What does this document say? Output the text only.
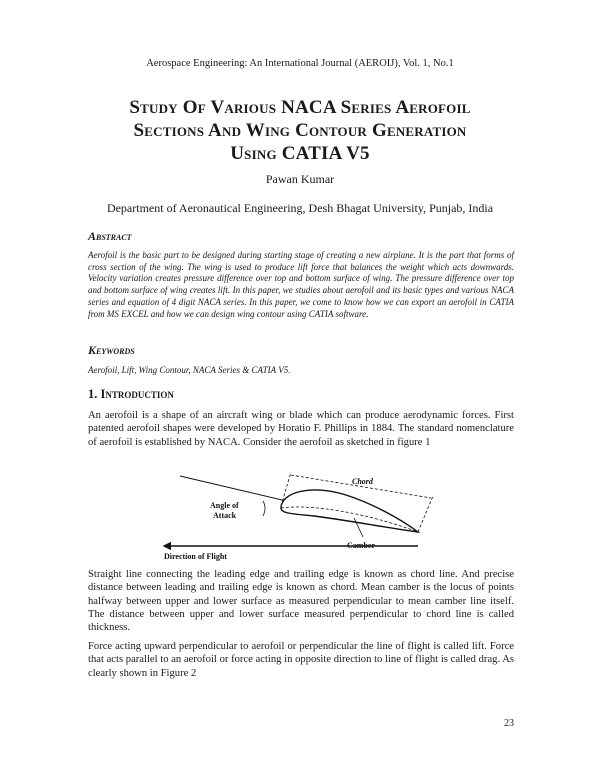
Aerospace Engineering: An International Journal (AEROIJ), Vol. 1, No.1
Study Of Various NACA Series Aerofoil
Sections And Wing Contour Generation
Using CATIA V5
Pawan Kumar
Department of Aeronautical Engineering, Desh Bhagat University, Punjab, India
Abstract

Aerofoil is the basic part to be designed during starting stage of creating a new airplane. It is the part that forms of cross section of the wing. The wing is used to produce lift force that balances the weight which acts downwards. Velocity variation creates pressure difference over top and bottom surface of wing. The pressure difference over top and bottom surface of wing creates lift. In this paper, we studies about aerofoil and its basic types and various NACA series and equation of 4 digit NACA series. In this paper, we come to know how we can export an aerofoil in CATIA from MS EXCEL and how we can design wing contour using CATIA software.

Keywords

Aerofoil, Lift, Wing Contour, NACA Series & CATIA V5.

1. Introduction

An aerofoil is a shape of an aircraft wing or blade which can produce aerodynamic forces. First patented aerofoil shapes were developed by Horatio F. Phillips in 1884. The standard nomenclature of aerofoil is established by NACA. Consider the aerofoil as sketched in figure 1

Chord
Angle of
Attack
Camber
Direction of Flight

Straight line connecting the leading edge and trailing edge is known as chord line. And precise distance between leading and trailing edge is known as chord. Mean camber is the locus of points halfway between upper and lower surface as measured perpendicular to mean camber line itself. The distance between upper and lower surface measured perpendicular to chord line is called thickness.

Force acting upward perpendicular to aerofoil or perpendicular the line of flight is called lift. Force that acts parallel to an aerofoil or force acting in opposite direction to line of flight is called drag. As clearly shown in Figure 2

23
